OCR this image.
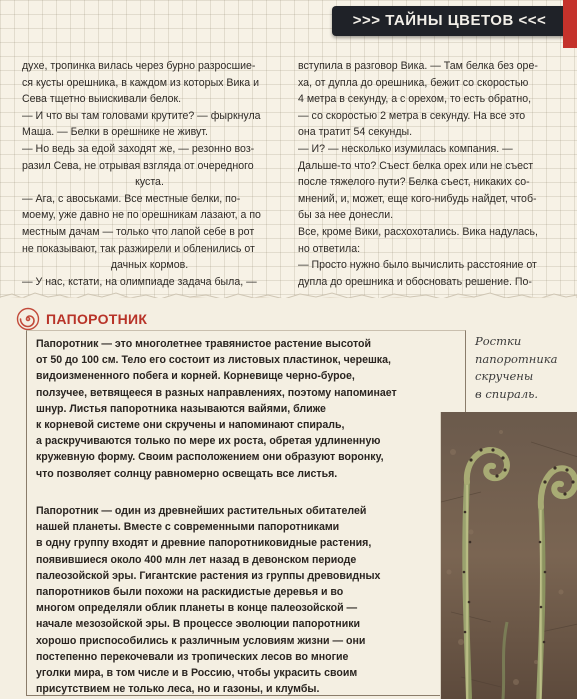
>>> ТАЙНЫ ЦВЕТОВ <<<
духе, тропинка вилась через бурно разросшие-
ся кусты орешника, в каждом из которых Вика и
Сева тщетно выискивали белок.
— И что вы там головами крутите? — фыркнула
Маша. — Белки в орешнике не живут.
— Но ведь за едой заходят же, — резонно воз-
разил Сева, не отрывая взгляда от очередного
куста.
— Ага, с авоськами. Все местные белки, по-
моему, уже давно не по орешникам лазают, а по
местным дачам — только что лапой себе в рот
не показывают, так разжирели и обленились от
дачных кормов.
— У нас, кстати, на олимпиаде задача была, —
вступила в разговор Вика. — Там белка без оре-
ха, от дупла до орешника, бежит со скоростью
4 метра в секунду, а с орехом, то есть обратно,
— со скоростью 2 метра в секунду. На все это
она тратит 54 секунды.
— И? — несколько изумилась компания. —
Дальше-то что? Съест белка орех или не съест
после тяжелого пути? Белка съест, никаких со-
мнений, и, может, еще кого-нибудь найдет, чтоб-
бы за нее донесли.
Все, кроме Вики, расхохотались. Вика надулась,
но ответила:
— Просто нужно было вычислить расстояние от
дупла до орешника и обосновать решение. По-
ПАПОРОТНИК
Папоротник — это многолетнее травянистое растение высотой
от 50 до 100 см. Тело его состоит из листовых пластинок, черешка,
видоизмененного побега и корней. Корневище черно-бурое,
ползучее, ветвящееся в разных направлениях, поэтому напоминает
шнур. Листья папоротника называются вайями, ближе
к корневой системе они скручены и напоминают спираль,
а раскручиваются только по мере их роста, обретая удлиненную
кружевную форму. Своим расположением они образуют воронку,
что позволяет солнцу равномерно освещать все листья.
Папоротник — один из древнейших растительных обитателей
нашей планеты. Вместе с современными папоротниками
в одну группу входят и древние папоротниковидные растения,
появившиеся около 400 млн лет назад в девонском периоде
палеозойской эры. Гигантские растения из группы древовидных
папоротников были похожи на раскидистые деревья и во
многом определяли облик планеты в конце палеозойской —
начале мезозойской эры. В процессе эволюции папоротники
хорошо приспособились к различным условиям жизни — они
постепенно перекочевали из тропических лесов во многие
уголки мира, в том числе и в Россию, чтобы украсить своим
присутствием не только леса, но и газоны, и клумбы.
Ростки
папоротника
скручены
в спираль.
